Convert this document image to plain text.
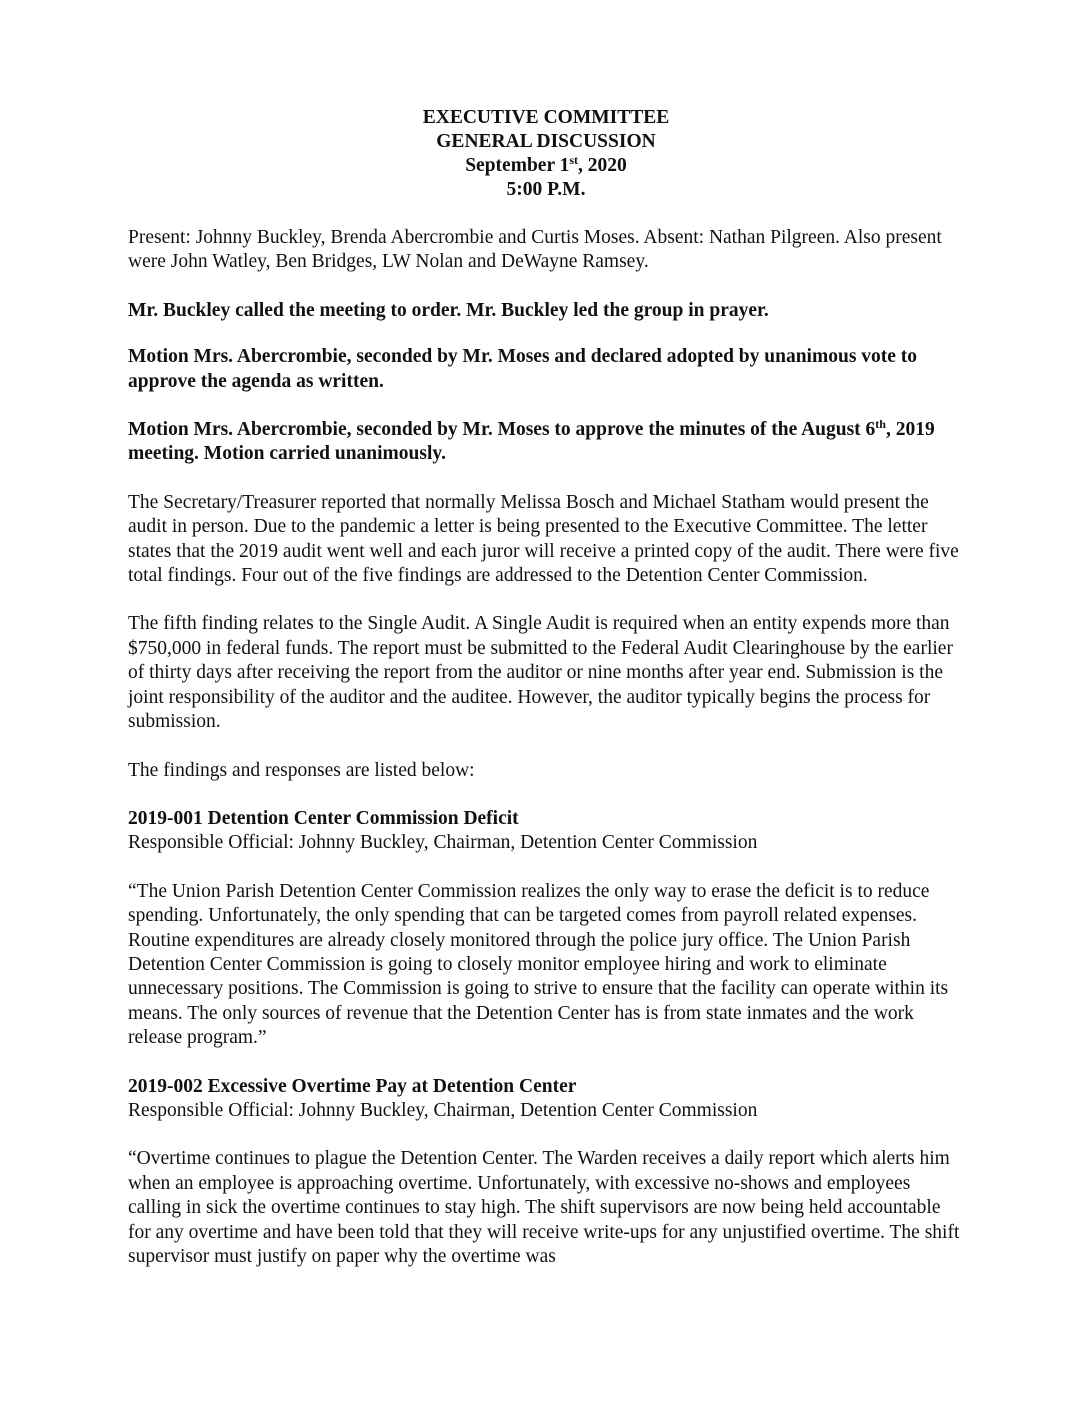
EXECUTIVE COMMITTEE
GENERAL DISCUSSION
September 1st, 2020
5:00 P.M.

Present: Johnny Buckley, Brenda Abercrombie and Curtis Moses. Absent: Nathan Pilgreen. Also present were John Watley, Ben Bridges, LW Nolan and DeWayne Ramsey.

Mr. Buckley called the meeting to order. Mr. Buckley led the group in prayer.

Motion Mrs. Abercrombie, seconded by Mr. Moses and declared adopted by unanimous vote to approve the agenda as written.

Motion Mrs. Abercrombie, seconded by Mr. Moses to approve the minutes of the August 6th, 2019 meeting. Motion carried unanimously.

The Secretary/Treasurer reported that normally Melissa Bosch and Michael Statham would present the audit in person. Due to the pandemic a letter is being presented to the Executive Committee. The letter states that the 2019 audit went well and each juror will receive a printed copy of the audit. There were five total findings. Four out of the five findings are addressed to the Detention Center Commission.

The fifth finding relates to the Single Audit. A Single Audit is required when an entity expends more than $750,000 in federal funds. The report must be submitted to the Federal Audit Clearinghouse by the earlier of thirty days after receiving the report from the auditor or nine months after year end. Submission is the joint responsibility of the auditor and the auditee. However, the auditor typically begins the process for submission.

The findings and responses are listed below:

2019-001 Detention Center Commission Deficit

Responsible Official: Johnny Buckley, Chairman, Detention Center Commission

“The Union Parish Detention Center Commission realizes the only way to erase the deficit is to reduce spending. Unfortunately, the only spending that can be targeted comes from payroll related expenses. Routine expenditures are already closely monitored through the police jury office. The Union Parish Detention Center Commission is going to closely monitor employee hiring and work to eliminate unnecessary positions. The Commission is going to strive to ensure that the facility can operate within its means. The only sources of revenue that the Detention Center has is from state inmates and the work release program.”

2019-002 Excessive Overtime Pay at Detention Center

Responsible Official: Johnny Buckley, Chairman, Detention Center Commission

“Overtime continues to plague the Detention Center. The Warden receives a daily report which alerts him when an employee is approaching overtime. Unfortunately, with excessive no-shows and employees calling in sick the overtime continues to stay high. The shift supervisors are now being held accountable for any overtime and have been told that they will receive write-ups for any unjustified overtime. The shift supervisor must justify on paper why the overtime was
